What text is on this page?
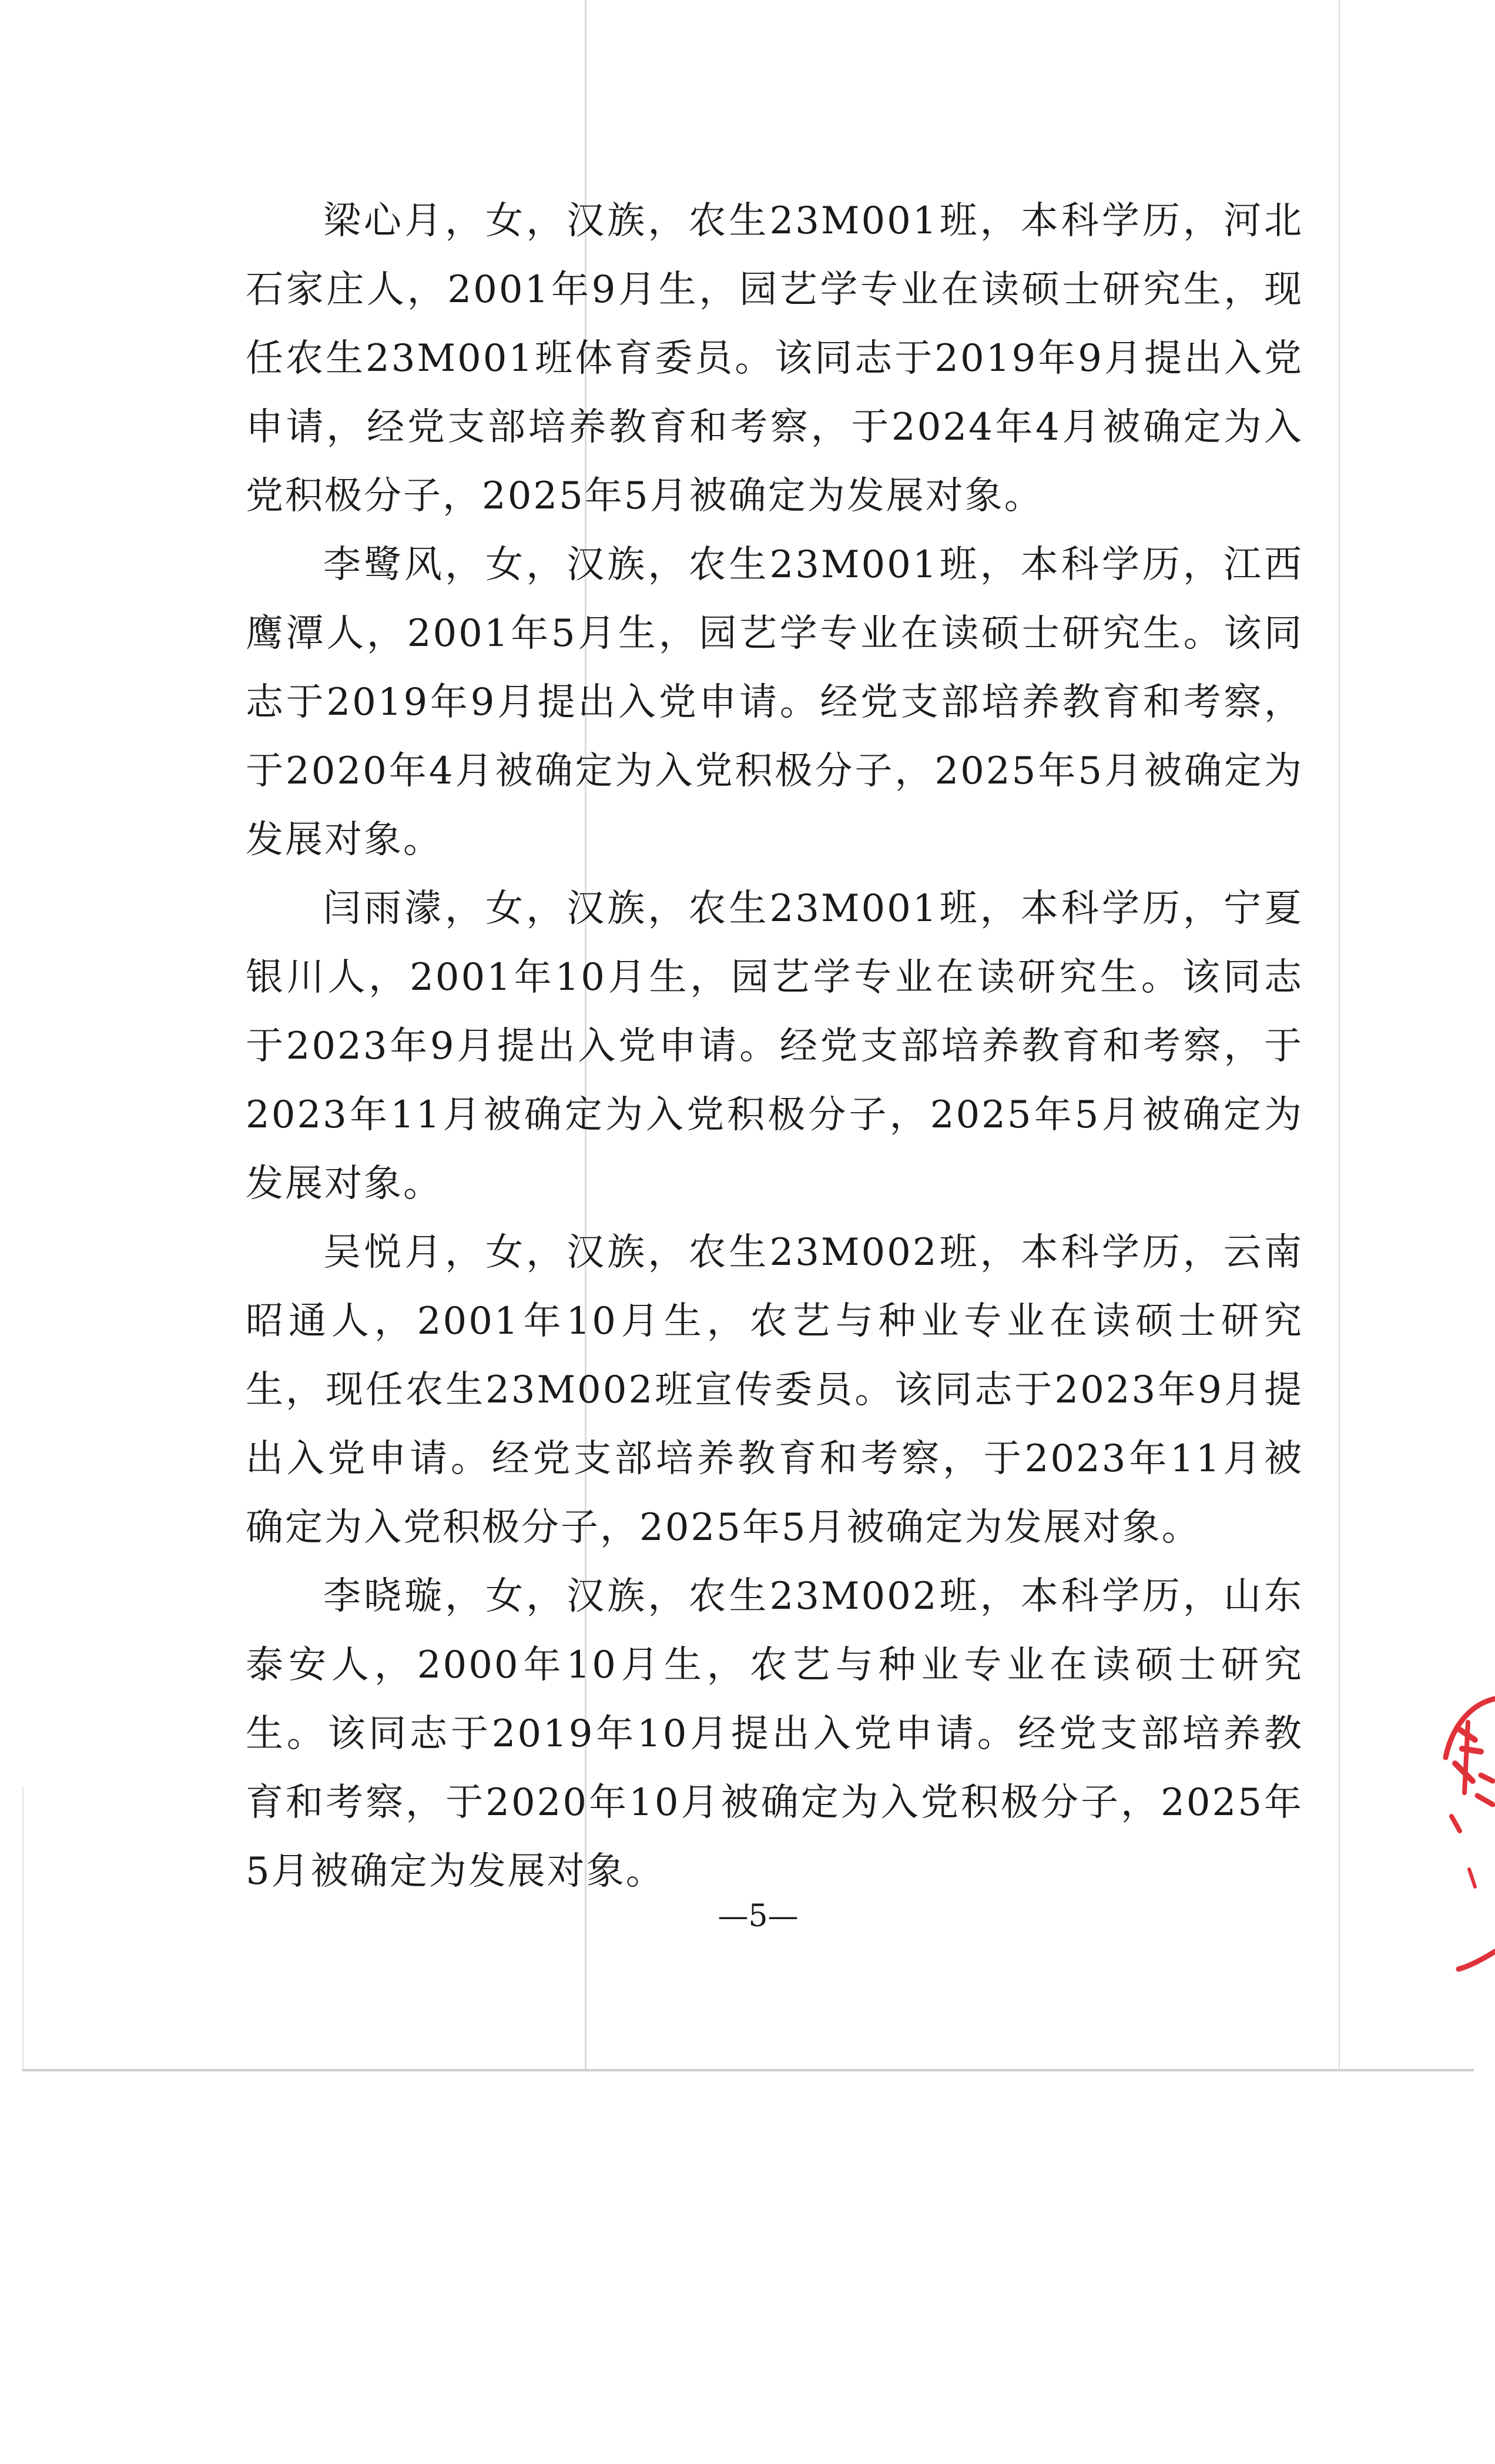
梁心月，女，汉族，农生23M001班，本科学历，河北石家庄人，2001年9月生，园艺学专业在读硕士研究生，现任农生23M001班体育委员。该同志于2019年9月提出入党申请，经党支部培养教育和考察，于2024年4月被确定为入党积极分子，2025年5月被确定为发展对象。

李鹭风，女，汉族，农生23M001班，本科学历，江西鹰潭人，2001年5月生，园艺学专业在读硕士研究生。该同志于2019年9月提出入党申请。经党支部培养教育和考察，于2020年4月被确定为入党积极分子，2025年5月被确定为发展对象。

闫雨濛，女，汉族，农生23M001班，本科学历，宁夏银川人，2001年10月生，园艺学专业在读研究生。该同志于2023年9月提出入党申请。经党支部培养教育和考察，于2023年11月被确定为入党积极分子，2025年5月被确定为发展对象。

吴悦月，女，汉族，农生23M002班，本科学历，云南昭通人，2001年10月生，农艺与种业专业在读硕士研究生，现任农生23M002班宣传委员。该同志于2023年9月提出入党申请。经党支部培养教育和考察，于2023年11月被确定为入党积极分子，2025年5月被确定为发展对象。

李晓璇，女，汉族，农生23M002班，本科学历，山东泰安人，2000年10月生，农艺与种业专业在读硕士研究生。该同志于2019年10月提出入党申请。经党支部培养教育和考察，于2020年10月被确定为入党积极分子，2025年5月被确定为发展对象。

—5—
